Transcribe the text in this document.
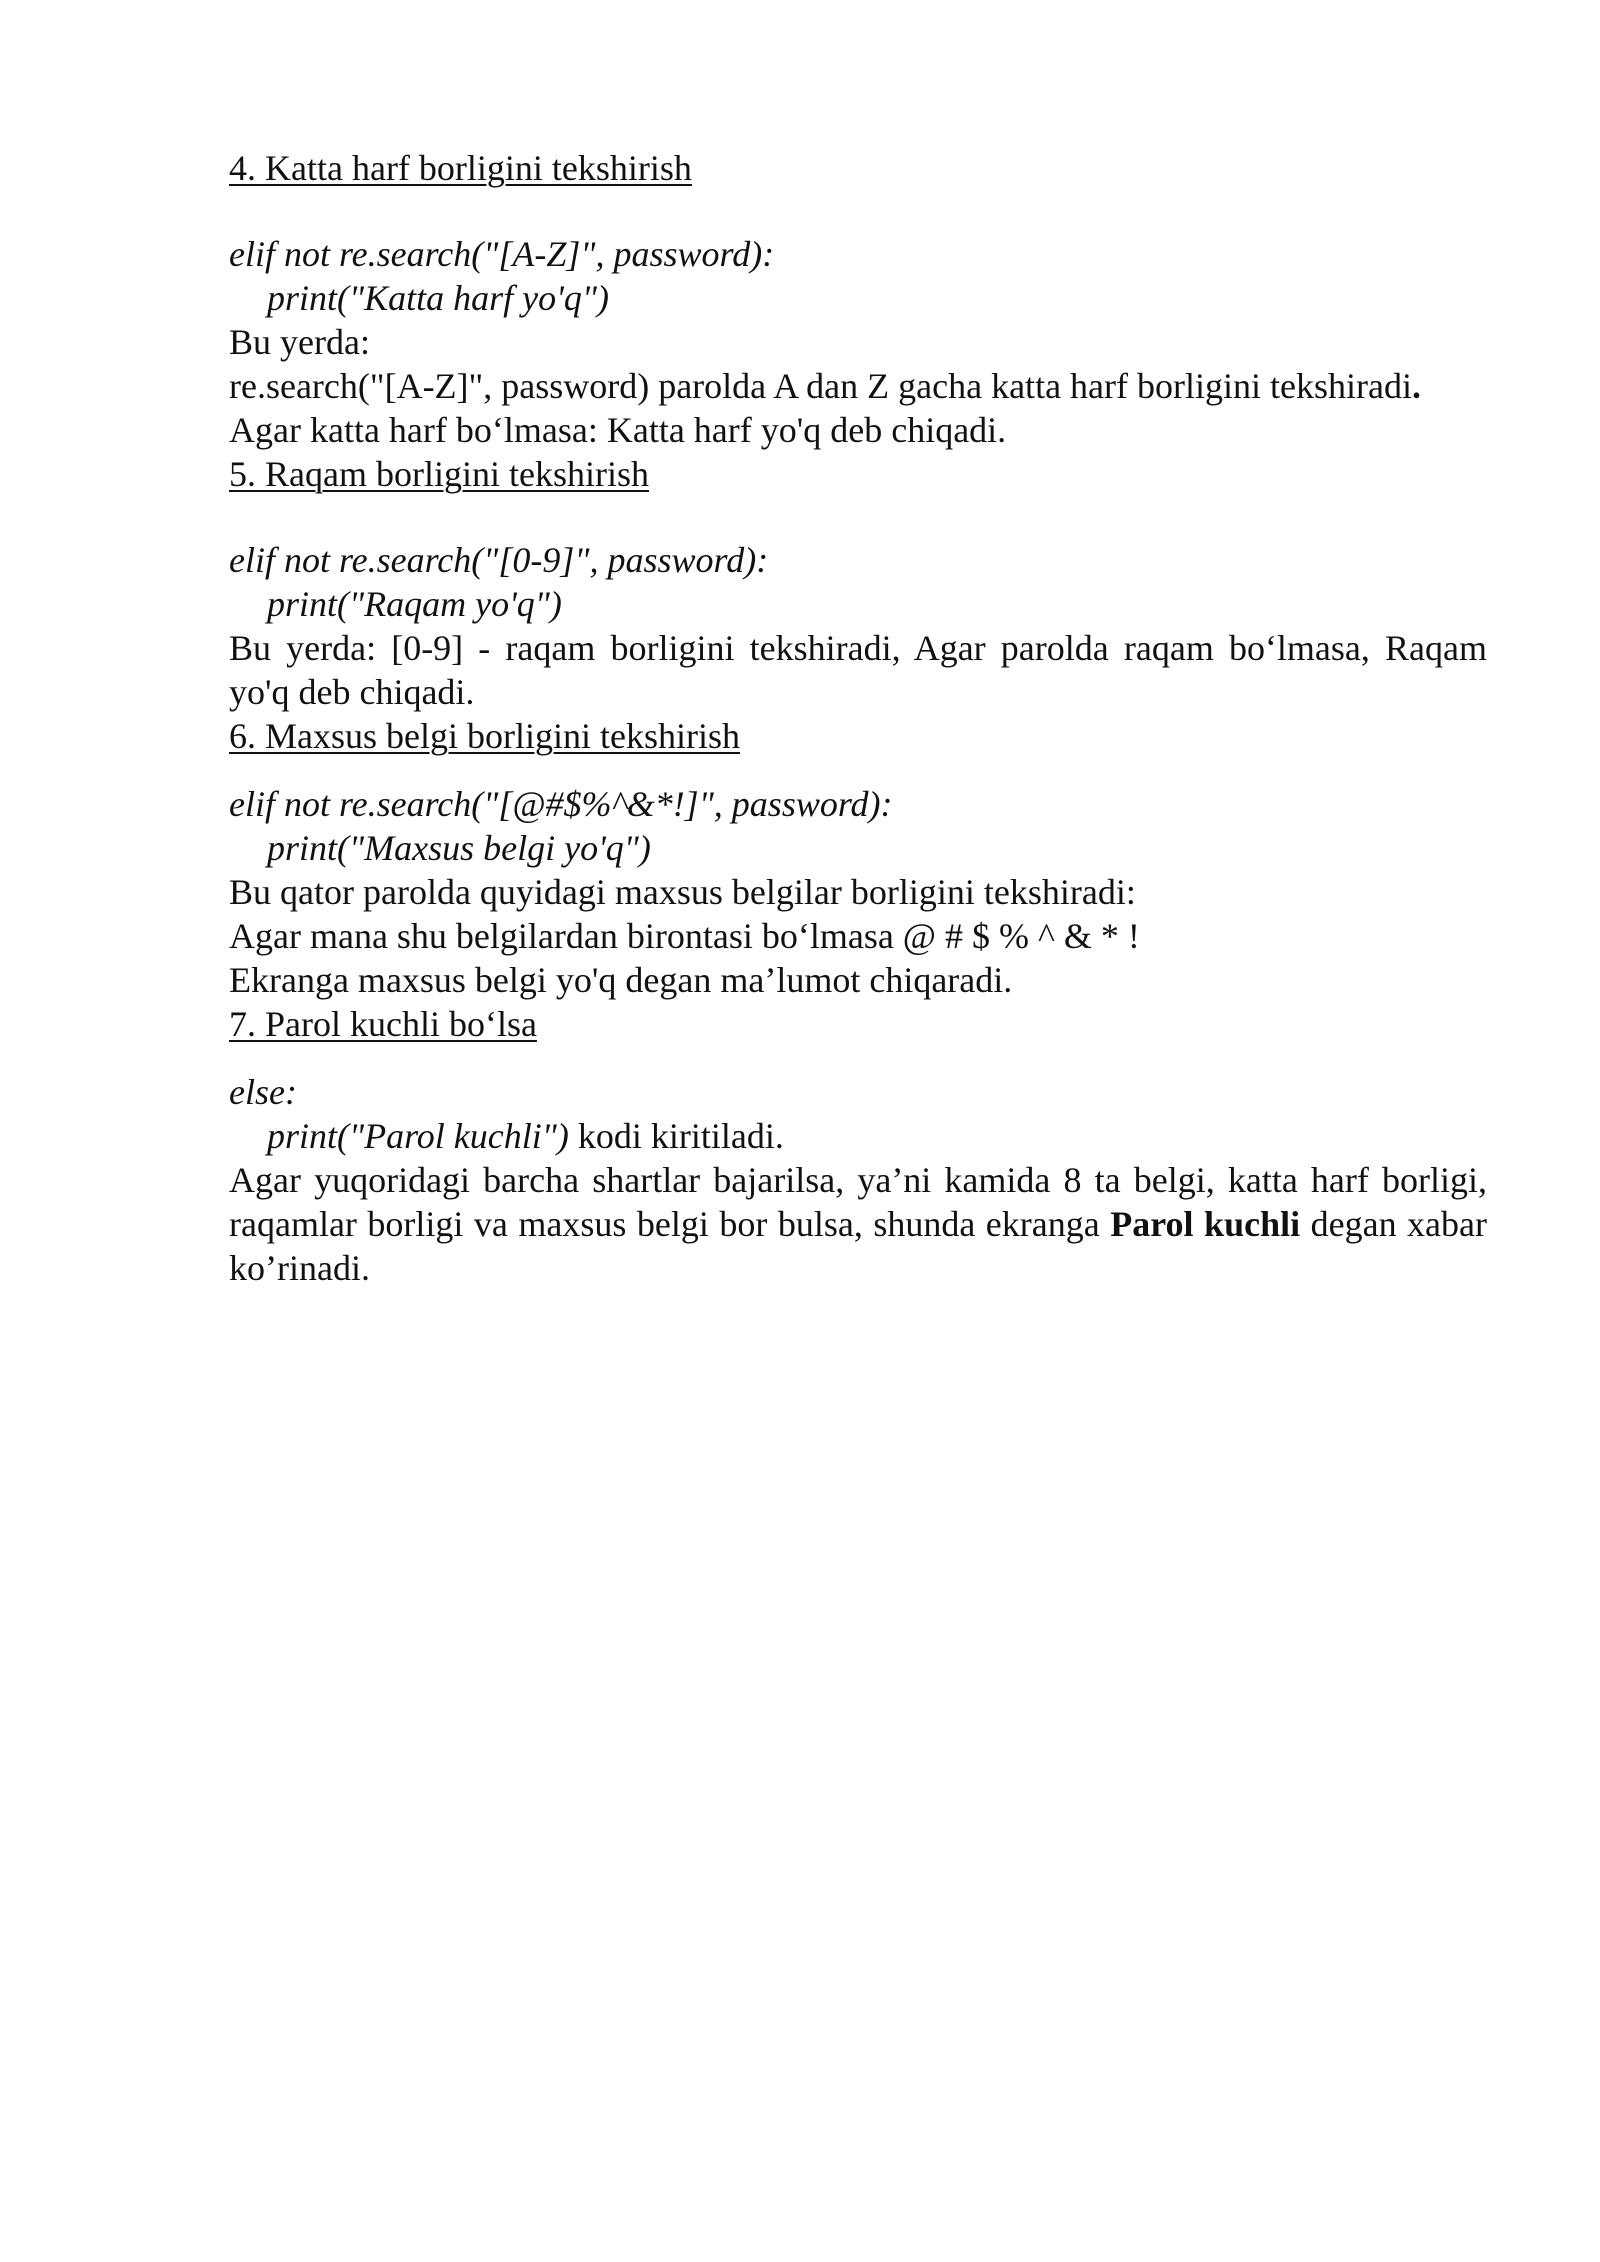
4. Katta harf borligini tekshirish

elif not re.search("[A-Z]", password):

print("Katta harf yo'q")

Bu yerda:

re.search("[A-Z]", password) parolda A dan Z gacha katta harf borligini tekshiradi.

Agar katta harf bo‘lmasa: Katta harf yo'q deb chiqadi.

5. Raqam borligini tekshirish

elif not re.search("[0-9]", password):

print("Raqam yo'q")

Bu yerda: [0-9] - raqam borligini tekshiradi, Agar parolda raqam bo‘lmasa, Raqam yo'q deb chiqadi.

6. Maxsus belgi borligini tekshirish

elif not re.search("[@#$%^&*!]", password):

print("Maxsus belgi yo'q")

Bu qator parolda quyidagi maxsus belgilar borligini tekshiradi:

Agar mana shu belgilardan birontasi bo‘lmasa @ # $ % ^ & * !

Ekranga maxsus belgi yo'q degan ma’lumot chiqaradi.

7. Parol kuchli bo‘lsa

else:

print("Parol kuchli") kodi kiritiladi.

Agar yuqoridagi barcha shartlar bajarilsa, ya’ni kamida 8 ta belgi, katta harf borligi, raqamlar borligi va maxsus belgi bor bulsa, shunda ekranga Parol kuchli degan xabar ko’rinadi.
